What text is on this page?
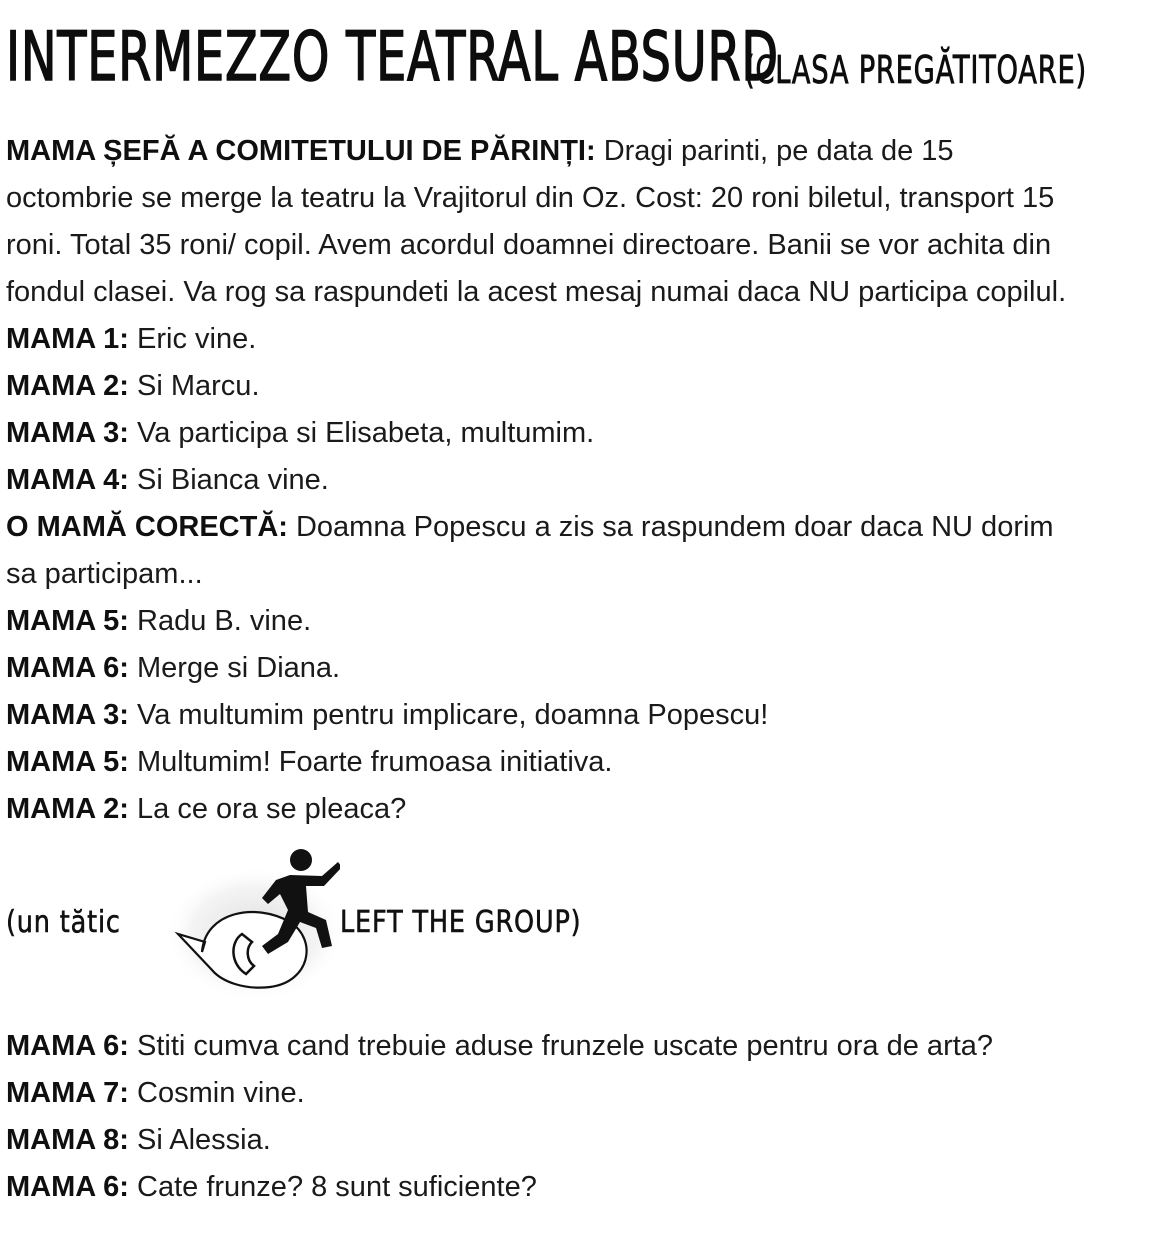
INTERMEZZO TEATRAL ABSURD
(CLASA PREGĂTITOARE)
MAMA ȘEFĂ A COMITETULUI DE PĂRINȚI: Dragi parinti, pe data de 15
octombrie se merge la teatru la Vrajitorul din Oz. Cost: 20 roni biletul, transport 15
roni. Total 35 roni/ copil. Avem acordul doamnei directoare. Banii se vor achita din
fondul clasei. Va rog sa raspundeti la acest mesaj numai daca NU participa copilul.
MAMA 1: Eric vine.
MAMA 2: Si Marcu.
MAMA 3: Va participa si Elisabeta, multumim.
MAMA 4: Si Bianca vine.
O MAMĂ CORECTĂ: Doamna Popescu a zis sa raspundem doar daca NU dorim
sa participam...
MAMA 5: Radu B. vine.
MAMA 6: Merge si Diana.
MAMA 3: Va multumim pentru implicare, doamna Popescu!
MAMA 5: Multumim! Foarte frumoasa initiativa.
MAMA 2: La ce ora se pleaca?
(un tătic	LEFT THE GROUP)
MAMA 6: Stiti cumva cand trebuie aduse frunzele uscate pentru ora de arta?
MAMA 7: Cosmin vine.
MAMA 8: Si Alessia.
MAMA 6: Cate frunze? 8 sunt suficiente?
